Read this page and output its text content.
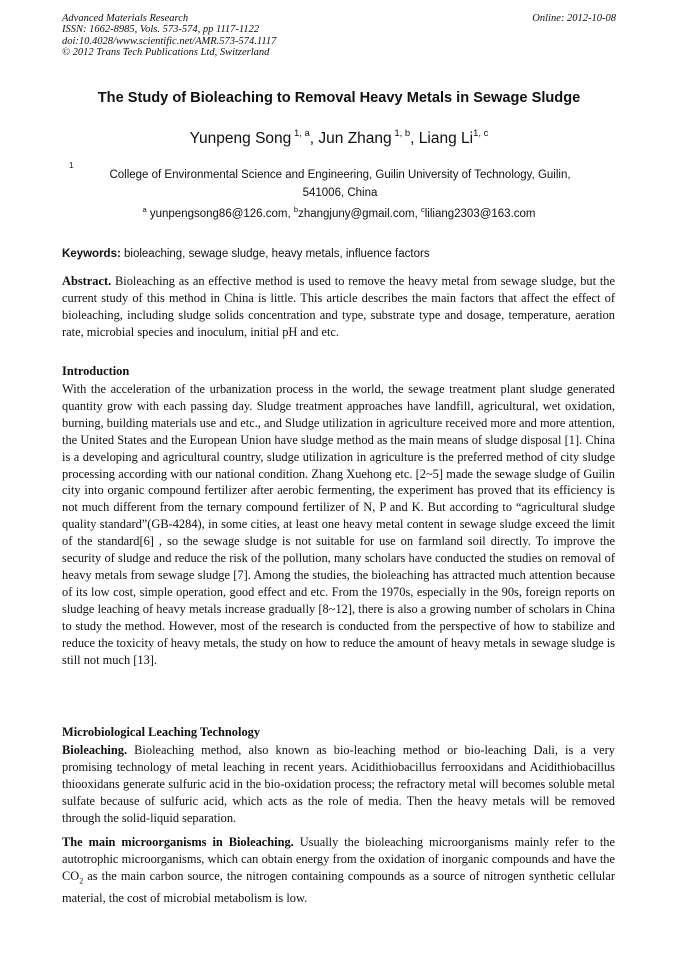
Advanced Materials Research
ISSN: 1662-8985, Vols. 573-574, pp 1117-1122
doi:10.4028/www.scientific.net/AMR.573-574.1117
© 2012 Trans Tech Publications Ltd, Switzerland
Online: 2012-10-08
The Study of Bioleaching to Removal Heavy Metals in Sewage Sludge
Yunpeng Song $^{1, a}$, Jun Zhang $^{1, b}$, Liang Li$^{1, c}$
1
College of Environmental Science and Engineering, Guilin University of Technology, Guilin,
541006, China
$^a$ yunpengsong86@126.com, $^b$zhangjuny@gmail.com, $^c$liliang2303@163.com
Keywords: bioleaching, sewage sludge, heavy metals, influence factors
Abstract. Bioleaching as an effective method is used to remove the heavy metal from sewage sludge, but the current study of this method in China is little. This article describes the main factors that affect the effect of bioleaching, including sludge solids concentration and type, substrate type and dosage, temperature, aeration rate, microbial species and inoculum, initial pH and etc.
Introduction
With the acceleration of the urbanization process in the world, the sewage treatment plant sludge generated quantity grow with each passing day. Sludge treatment approaches have landfill, agricultural, wet oxidation, burning, building materials use and etc., and Sludge utilization in agriculture received more and more attention, the United States and the European Union have sludge method as the main means of sludge disposal [1]. China is a developing and agricultural country, sludge utilization in agriculture is the preferred method of city sludge processing according with our national condition. Zhang Xuehong etc. [2~5] made the sewage sludge of Guilin city into organic compound fertilizer after aerobic fermenting, the experiment has proved that its efficiency is not much different from the ternary compound fertilizer of N, P and K. But according to “agricultural sludge quality standard”(GB-4284), in some cities, at least one heavy metal content in sewage sludge exceed the limit of the standard[6] , so the sewage sludge is not suitable for use on farmland soil directly. To improve the security of sludge and reduce the risk of the pollution, many scholars have conducted the studies on removal of heavy metals from sewage sludge [7]. Among the studies, the bioleaching has attracted much attention because of its low cost, simple operation, good effect and etc. From the 1970s, especially in the 90s, foreign reports on sludge leaching of heavy metals increase gradually [8~12], there is also a growing number of scholars in China to study the method. However, most of the research is conducted from the perspective of how to stabilize and reduce the toxicity of heavy metals, the study on how to reduce the amount of heavy metals in sewage sludge is still not much [13].
Microbiological Leaching Technology
Bioleaching. Bioleaching method, also known as bio-leaching method or bio-leaching Dali, is a very promising technology of metal leaching in recent years. Acidithiobacillus ferrooxidans and Acidithiobacillus thiooxidans generate sulfuric acid in the bio-oxidation process; the refractory metal will becomes soluble metal sulfate because of sulfuric acid, which acts as the role of media. Then the heavy metals will be removed through the solid-liquid separation.
The main microorganisms in Bioleaching. Usually the bioleaching microorganisms mainly refer to the autotrophic microorganisms, which can obtain energy from the oxidation of inorganic compounds and have the $CO_2$ as the main carbon source, the nitrogen containing compounds as a source of nitrogen synthetic cellular material, the cost of microbial metabolism is low.
